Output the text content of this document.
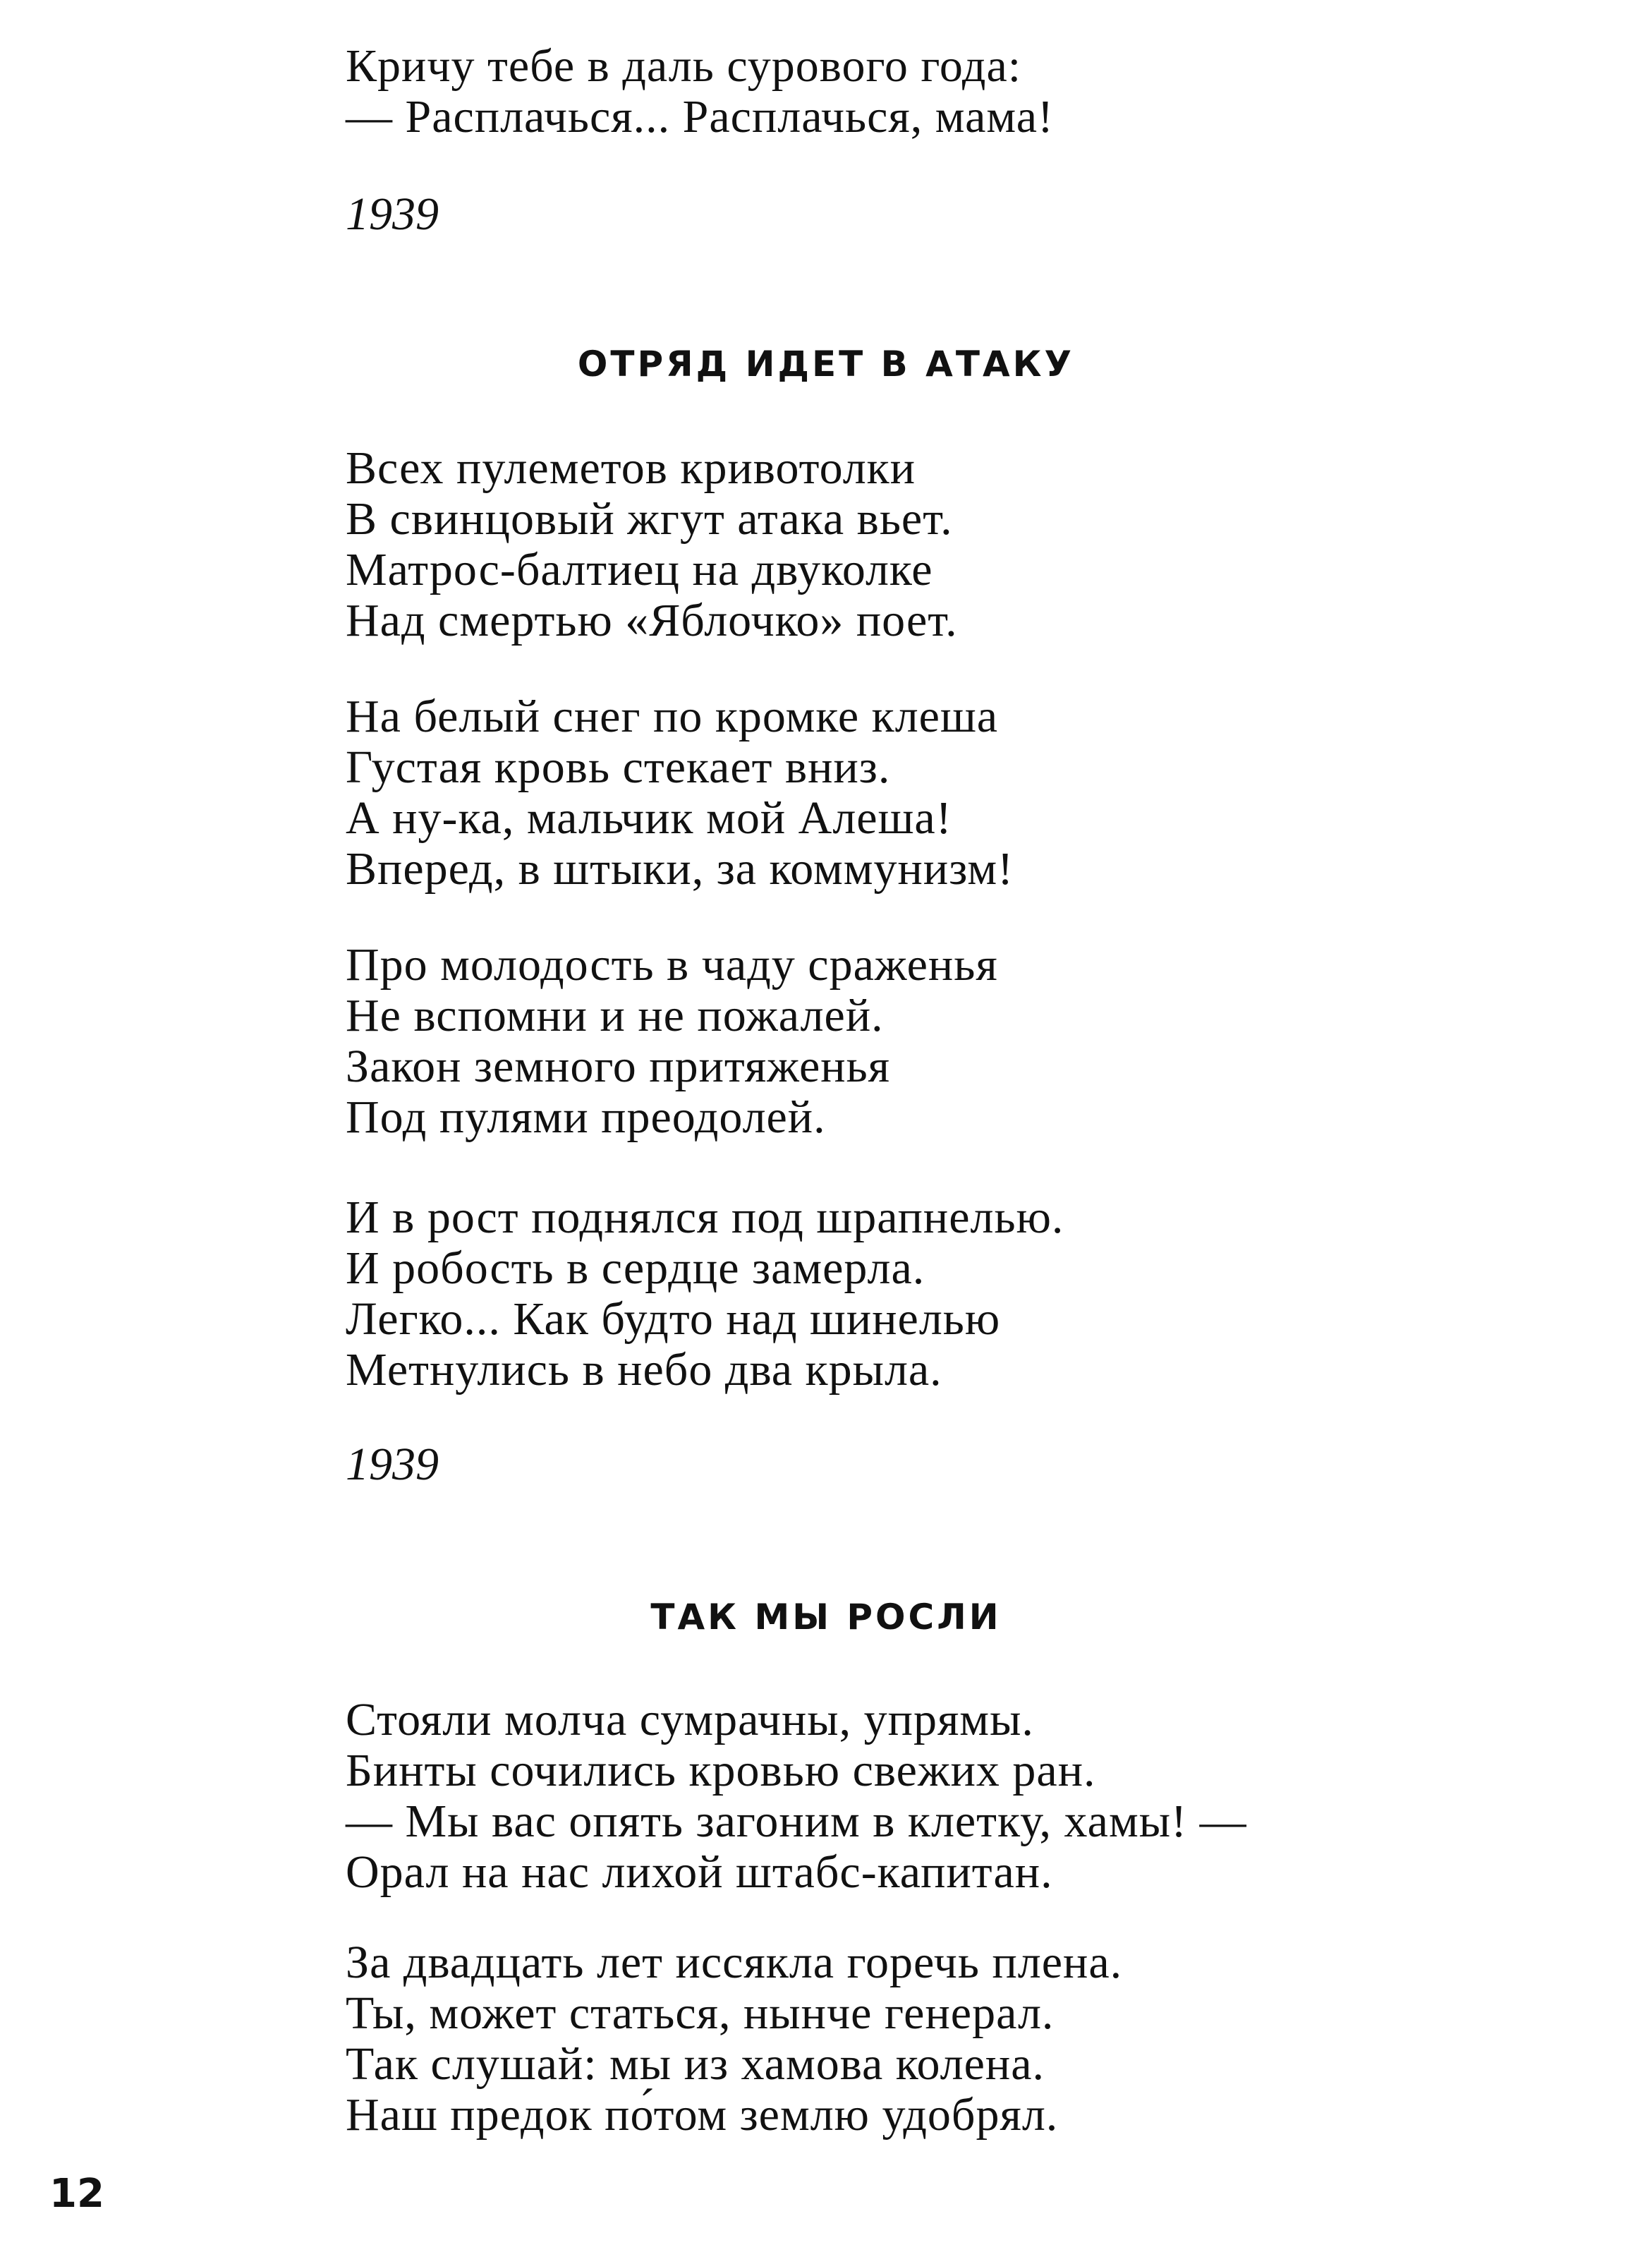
Кричу тебе в даль сурового года:
— Расплачься... Расплачься, мама!
1939
ОТРЯД ИДЕТ В АТАКУ
Всех пулеметов кривотолки
В свинцовый жгут атака вьет.
Матрос-балтиец на двуколке
Над смертью «Яблочко» поет.
На белый снег по кромке клеша
Густая кровь стекает вниз.
А ну-ка, мальчик мой Алеша!
Вперед, в штыки, за коммунизм!
Про молодость в чаду сраженья
Не вспомни и не пожалей.
Закон земного притяженья
Под пулями преодолей.
И в рост поднялся под шрапнелью.
И робость в сердце замерла.
Легко... Как будто над шинелью
Метнулись в небо два крыла.
1939
ТАК МЫ РОСЛИ
Стояли молча сумрачны, упрямы.
Бинты сочились кровью свежих ран.
— Мы вас опять загоним в клетку, хамы! —
Орал на нас лихой штабс-капитан.
За двадцать лет иссякла горечь плена.
Ты, может статься, нынче генерал.
Так слушай: мы из хамова колена.
Наш предок по́том землю удобрял.
12
